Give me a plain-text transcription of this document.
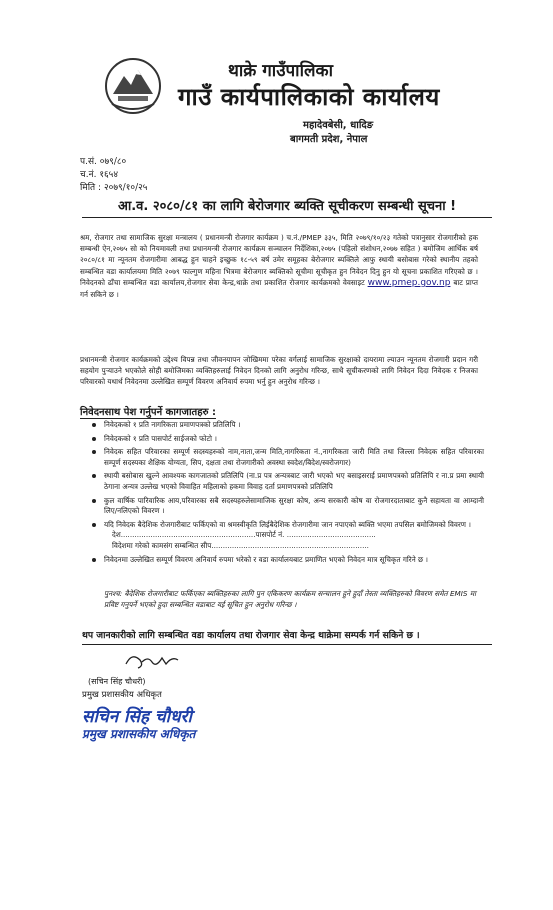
थाक्रे गाउँपालिका
गाउँ कार्यपालिकाको कार्यालय
महादेवबेसी, धादिङ
बागमती प्रदेश, नेपाल
प.सं. ०७९/८०
च.नं. १६५४
मिति : २०७९/१०/२५
आ.व. २०८०/८१ का लागि बेरोजगार ब्यक्ति सूचीकरण सम्बन्धी सूचना !
श्रम, रोजगार तथा सामाजिक सुरक्षा मन्त्रालय ( प्रधानमन्त्री रोजगार कार्यक्रम ) च.नं./PMEP ३३५, मिति २०७९/१०/२३ गतेको पत्रानुसार रोजगारीको हक सम्बन्धी ऐन,२०७५ सो को नियमावली तथा प्रधानमन्त्री रोजगार कार्यक्रम सञ्चालन निर्देशिका,२०७५ (पहिलो संशोधन,२०७७ सहित ) बमोजिम आर्थिक बर्ष २०८०/८१ मा न्यूनतम रोजगारीमा आबद्ध हुन चाहने इच्छुक १८-५९ बर्ष उमेर समूहका बेरोजगार ब्यक्तिले आफु स्थायी बसोबास गरेको स्थानीय तहको सम्बन्धित वडा कार्यालयमा मिति २०७९ फाल्गुण महिना भित्रमा बेरोजगार ब्यक्तिको सूचीमा सूचीकृत हुन निवेदन दिनु हुन यो सूचना प्रकाशित गरिएको छ । निवेदनको ढाँचा सम्बन्धित वडा कार्यालय,रोजगार सेवा केन्द्र,थाक्रे तथा प्रकाशित रोजगार कार्यक्रमको वेवसाइट www.pmep.gov.np बाट प्राप्त गर्न सकिने छ ।
प्रधानमन्त्री रोजगार कार्यक्रमको उद्देश्य विपन्न तथा जीवनयापन जोखिममा परेका वर्गलाई सामाजिक सुरक्षाको दायरामा ल्याउन न्यूनतम रोजगारी प्रदान गरी सहयोग पुऱ्याउने भएकोले सोही बमोजिमका व्यक्तिहरुलाई निवेदन दिनको लागि अनुरोध गरिन्छ, साथै सूचीकरणको लागि निवेदन दिदा निवेदक र निजका परिवारको यथार्थ निवेदनमा उल्लेखित सम्पूर्ण विवरण अनिवार्य रुपमा भर्नु हुन अनुरोध गरिन्छ ।
निवेदनसाथ पेश गर्नुपर्ने कागजातहरु :
निवेदकको १ प्रति नागरिकता प्रमाणपत्रको प्रतिलिपि ।
निवेदकको १ प्रति पासपोर्ट साईजको फोटो ।
निवेदक सहित परिवारका सम्पूर्ण सदस्यहरुको नाम,नाता,जन्म मिति,नागरिकता नं.,नागरिकता जारी मिति तथा जिल्ला निवेदक सहित परिवारका सम्पूर्ण सदस्यका शैक्षिक योग्यता, सिप, दक्षता तथा रोजगारीको अवस्था स्वदेश/बिदेश/स्वरोजगार)
स्थायी बसोबास खुल्ने आवश्यक कागजातको प्रतिलिपि (ना.प्र पत्र अन्यत्रबाट जारी भएको भए बसाइसराई प्रमाणपत्रको प्रतिलिपि र ना.प्र प्रमा स्थायी ठेगाना अन्यत्र उल्लेख भएको विवाहित महिलाको हकमा विवाह दर्ता प्रमाणपत्रको प्रतिलिपि
कुल वार्षिक पारिवारिक आय,परिवारका सबै सदस्यहरुलेसामाजिक सुरक्षा कोष, अन्य सरकारी कोष वा रोजगारदाताबाट कुनै सहायता वा आम्दानी लिए/नलिएको विवरण ।
यदि निवेदक बैदेशिक रोजगारीबाट फर्किएको वा श्रमस्वीकृति लिईबैदेशिक रोजगारीमा जान नपाएको ब्यक्ति भएमा तपसिल बमोजिमको विवरण ।
देश...........................................................पासपोर्ट नं. .......................................
विदेशमा गरेको कामसंग सम्बन्धित सीप.....................................................................
निवेदनमा उल्लेखित सम्पूर्ण विवरण अनिवार्य रुपमा भरेको र वडा कार्यालयबाट प्रमाणित भएको निवेदन मात्र सूचिकृत गरिने छ ।
पुनश्च: बैदेशिक रोजगारीबाट फर्किएका ब्यक्तिहरुका लागि पुन एकिकरण कार्यक्रम सन्चालन हुने हुदाँ तेस्ता व्यक्तिहरुको विवरण समेत EMIS मा प्रविष्ट गनुपर्ने भएको हुदा सम्बन्धित वडाबाट यई सूचित हुन अनुरोध गरिन्छ ।
थप जानकारीको लागि सम्बन्धित वडा कार्यालय तथा रोजगार सेवा केन्द्र थाक्रेमा सम्पर्क गर्न सकिने छ ।
(सचिन सिंह चौधरी)
प्रमुख प्रशासकीय अधिकृत
सचिन सिंह चौधरी
प्रमुख प्रशासकीय अधिकृत
